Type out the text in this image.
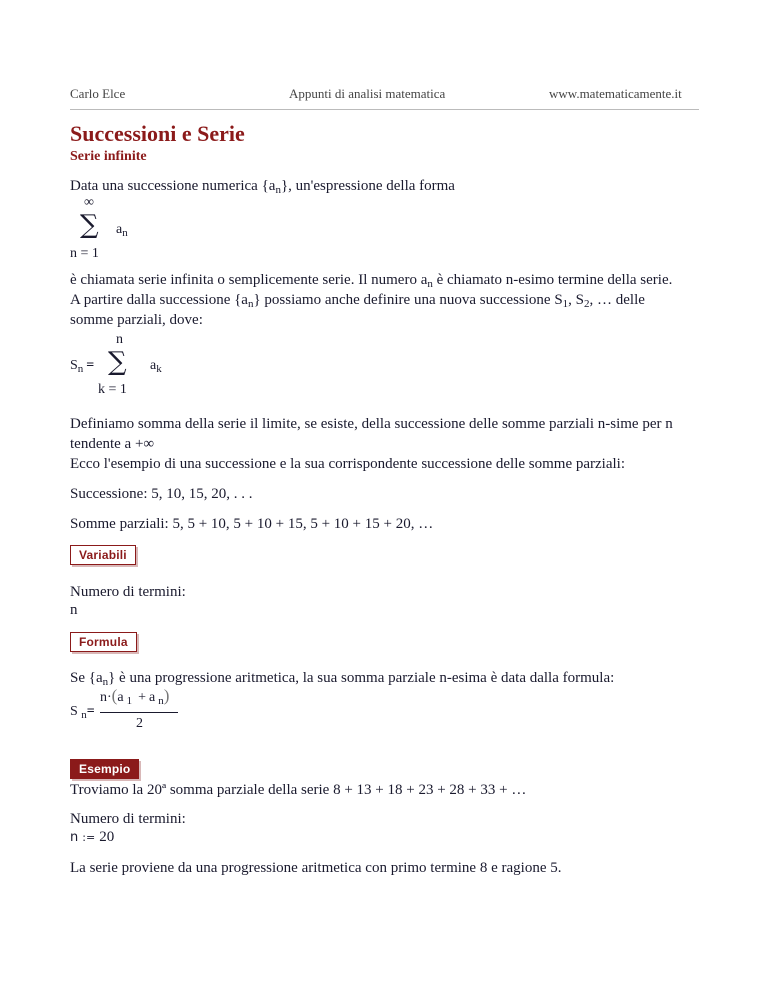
Carlo Elce	Appunti di analisi matematica	www.matematicamente.it
Successioni e Serie
Serie infinite
Data una successione numerica $\{a_n\}$, un'espressione della forma
∞
∑ $a_n$
n = 1
è chiamata serie infinita o semplicemente serie. Il numero $a_n$ è chiamato n-esimo termine della serie.
A partire dalla successione $\{a_n\}$ possiamo anche definire una nuova successione $S_1$, $S_2$, … delle
somme parziali, dove:
n
$S_n$ = ∑ $a_k$
k = 1
Definiamo somma della serie il limite, se esiste, della successione delle somme parziali n-sime per n
tendente a +∞
Ecco l'esempio di una successione e la sua corrispondente successione delle somme parziali:
Successione: 5, 10, 15, 20, . . .
Somme parziali: 5, 5 + 10, 5 + 10 + 15, 5 + 10 + 15 + 20, …
Variabili
Numero di termini:
n
Formula
Se $\{a_n\}$ è una progressione aritmetica, la sua somma parziale n-esima è data dalla formula:
S $_n$=
n·(a $_1$ + a $_n$)
2
Esempio
Troviamo la 20ª somma parziale della serie 8 + 13 + 18 + 23 + 28 + 33 + …
Numero di termini:
n := 20
La serie proviene da una progressione aritmetica con primo termine 8 e ragione 5.
